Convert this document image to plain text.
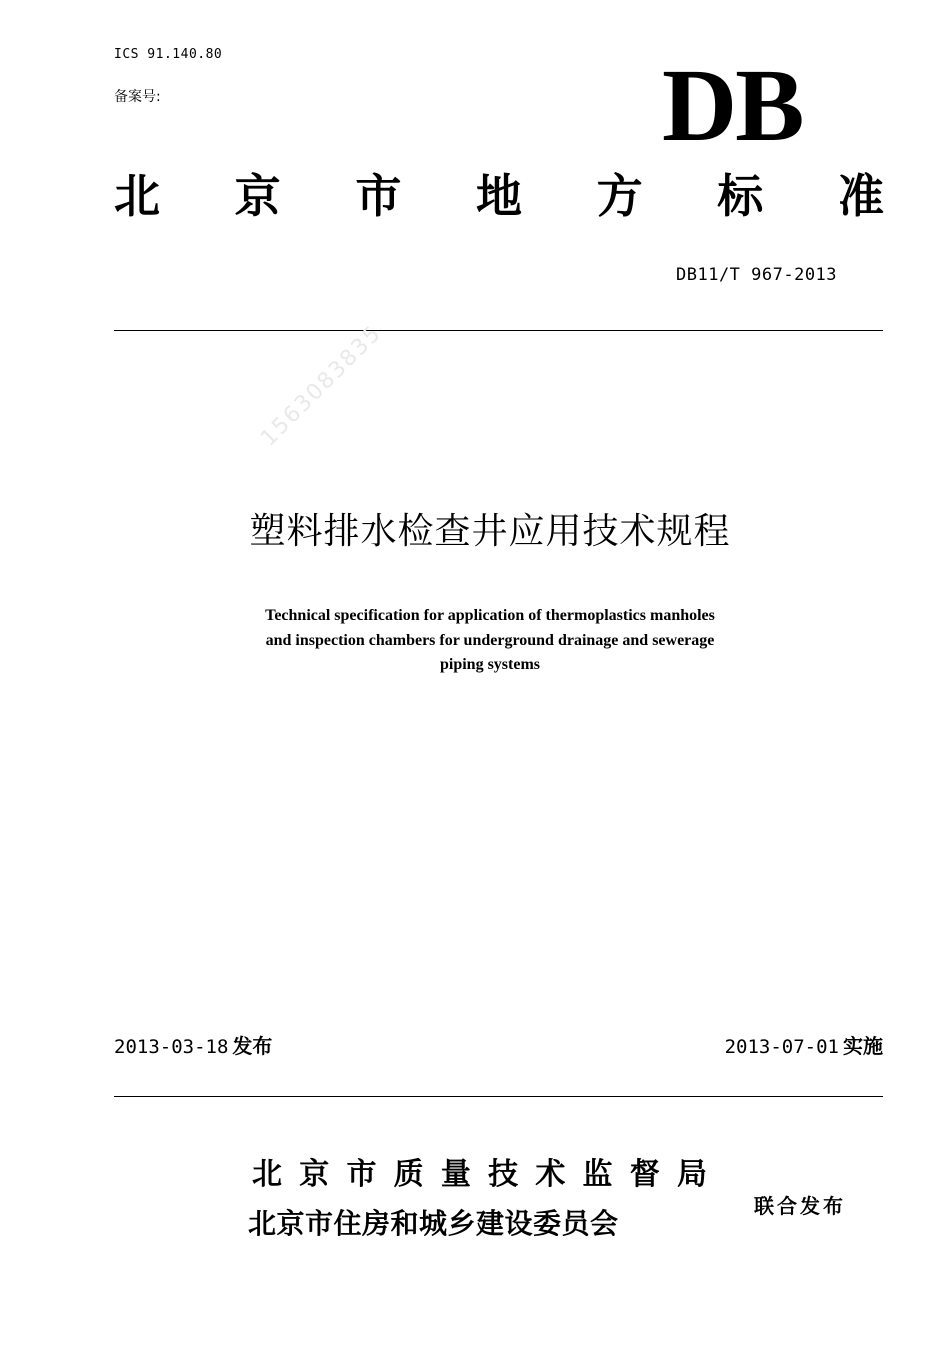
ICS 91.140.80
备案号:	DB
北 京 市 地 方 标 准
DB11/T 967-2013
1563083835
塑料排水检查井应用技术规程
Technical specification for application of thermoplastics manholes
and inspection chambers for underground drainage and sewerage
piping systems
2013-03-18 发布	2013-07-01 实施
北 京 市 质 量 技 术 监 督 局
北京市住房和城乡建设委员会
联合发布
